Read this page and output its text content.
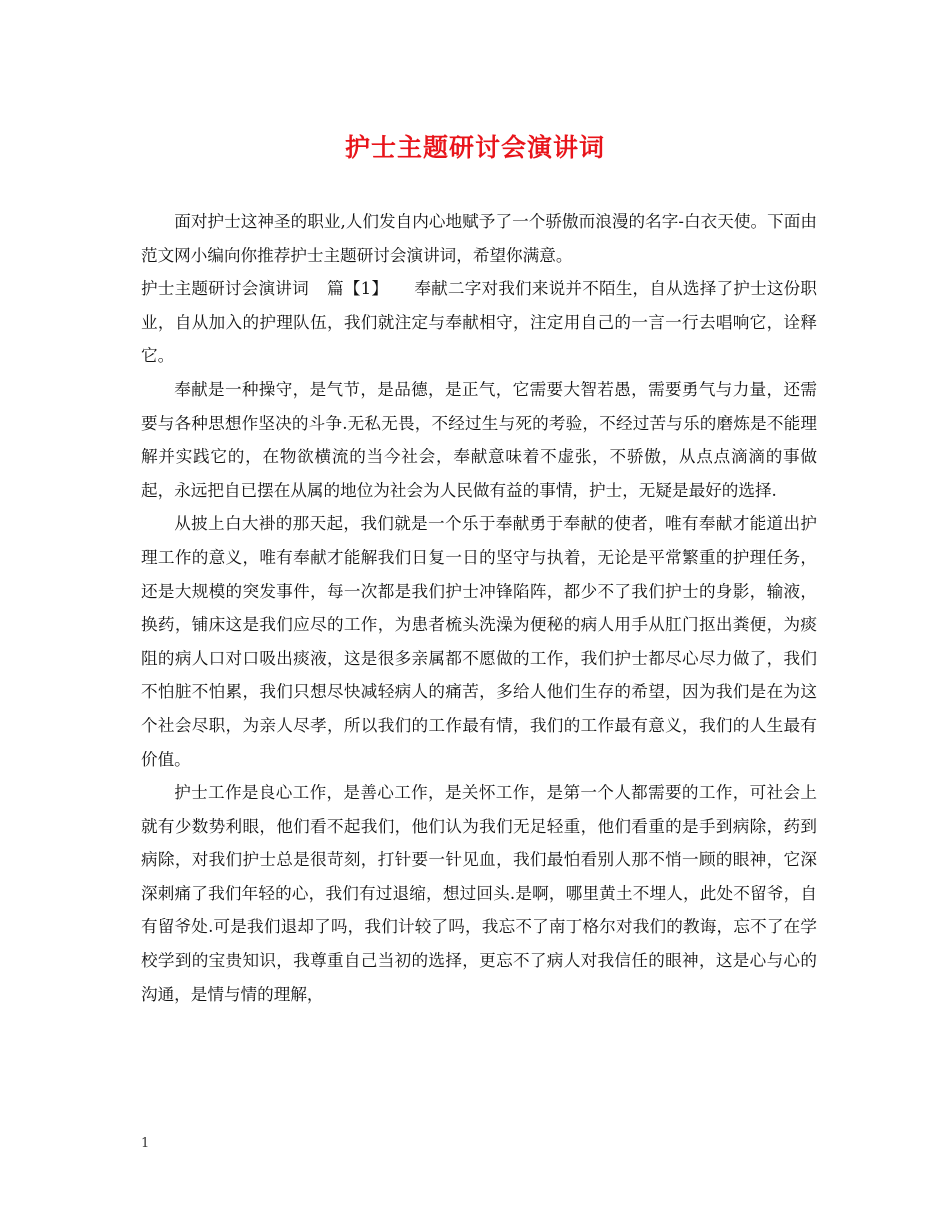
护士主题研讨会演讲词

面对护士这神圣的职业,人们发自内心地赋予了一个骄傲而浪漫的名字-白衣天使。下面由范文网小编向你推荐护士主题研讨会演讲词，希望你满意。

护士主题研讨会演讲词 篇【1】 奉献二字对我们来说并不陌生，自从选择了护士这份职业，自从加入的护理队伍，我们就注定与奉献相守，注定用自己的一言一行去唱响它，诠释它。

奉献是一种操守，是气节，是品德，是正气，它需要大智若愚，需要勇气与力量，还需要与各种思想作坚决的斗争.无私无畏，不经过生与死的考验，不经过苦与乐的磨炼是不能理解并实践它的，在物欲横流的当今社会，奉献意味着不虚张，不骄傲，从点点滴滴的事做起，永远把自已摆在从属的地位为社会为人民做有益的事情，护士，无疑是最好的选择.

从披上白大褂的那天起，我们就是一个乐于奉献勇于奉献的使者，唯有奉献才能道出护理工作的意义，唯有奉献才能解我们日复一日的坚守与执着，无论是平常繁重的护理任务，还是大规模的突发事件，每一次都是我们护士冲锋陷阵，都少不了我们护士的身影，输液，换药，铺床这是我们应尽的工作，为患者梳头洗澡为便秘的病人用手从肛门抠出粪便，为痰阻的病人口对口吸出痰液，这是很多亲属都不愿做的工作，我们护士都尽心尽力做了，我们不怕脏不怕累，我们只想尽快减轻病人的痛苦，多给人他们生存的希望，因为我们是在为这个社会尽职，为亲人尽孝，所以我们的工作最有情，我们的工作最有意义，我们的人生最有价值。

护士工作是良心工作，是善心工作，是关怀工作，是第一个人都需要的工作，可社会上就有少数势利眼，他们看不起我们，他们认为我们无足轻重，他们看重的是手到病除，药到病除，对我们护士总是很苛刻，打针要一针见血，我们最怕看别人那不悄一顾的眼神，它深深刺痛了我们年轻的心，我们有过退缩，想过回头.是啊，哪里黄土不埋人，此处不留爷，自有留爷处.可是我们退却了吗，我们计较了吗，我忘不了南丁格尔对我们的教诲，忘不了在学校学到的宝贵知识，我尊重自己当初的选择，更忘不了病人对我信任的眼神，这是心与心的沟通，是情与情的理解，

1
